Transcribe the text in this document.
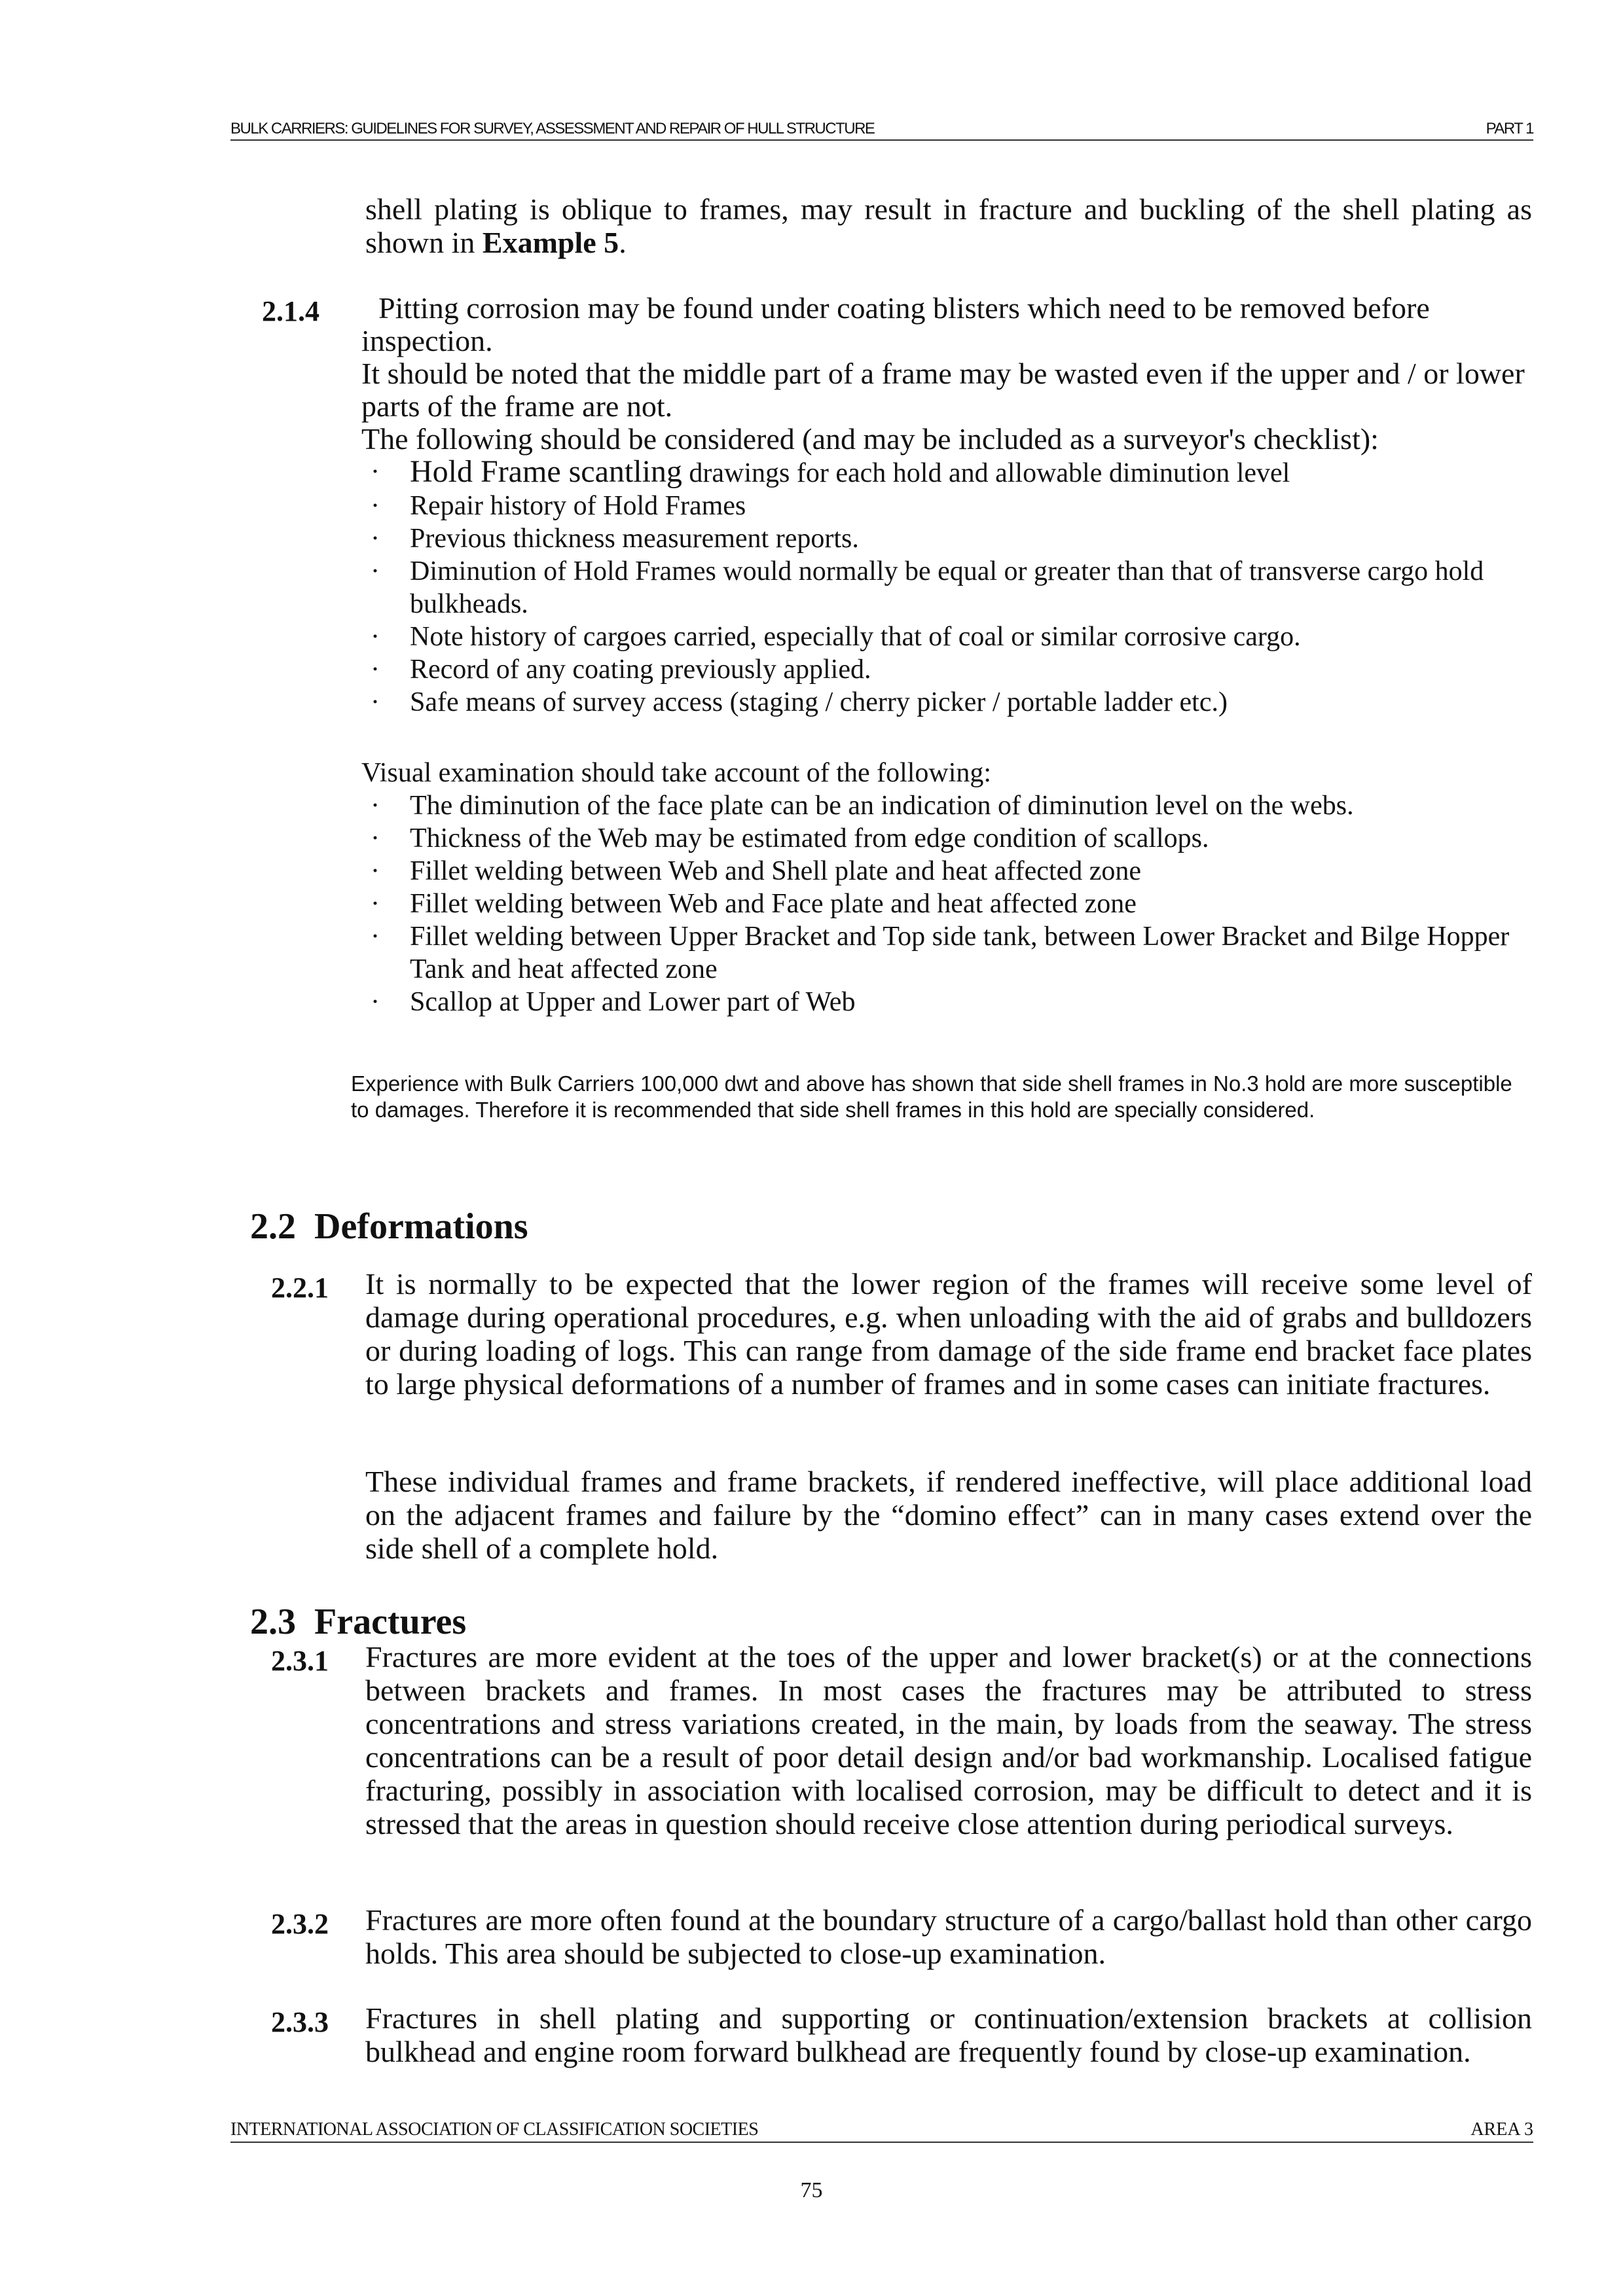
BULK CARRIERS: GUIDELINES FOR SURVEY, ASSESSMENT AND REPAIR OF HULL STRUCTURE	PART 1
shell plating is oblique to frames, may result in fracture and buckling of the shell plating as shown in Example 5.
2.1.4	Pitting corrosion may be found under coating blisters which need to be removed before inspection.
It should be noted that the middle part of a frame may be wasted even if the upper and / or lower parts of the frame are not.
The following should be considered (and may be included as a surveyor's checklist):
· Hold Frame scantling drawings for each hold and allowable diminution level
· Repair history of Hold Frames
· Previous thickness measurement reports.
· Diminution of Hold Frames would normally be equal or greater than that of transverse cargo hold bulkheads.
· Note history of cargoes carried, especially that of coal or similar corrosive cargo.
· Record of any coating previously applied.
· Safe means of survey access (staging / cherry picker / portable ladder etc.)
Visual examination should take account of the following:
· The diminution of the face plate can be an indication of diminution level on the webs.
· Thickness of the Web may be estimated from edge condition of scallops.
· Fillet welding between Web and Shell plate and heat affected zone
· Fillet welding between Web and Face plate and heat affected zone
· Fillet welding between Upper Bracket and Top side tank, between Lower Bracket and Bilge Hopper Tank and heat affected zone
· Scallop at Upper and Lower part of Web
Experience with Bulk Carriers 100,000 dwt and above has shown that side shell frames in No.3 hold are more susceptible to damages. Therefore it is recommended that side shell frames in this hold are specially considered.
2.2 Deformations
2.2.1 It is normally to be expected that the lower region of the frames will receive some level of damage during operational procedures, e.g. when unloading with the aid of grabs and bulldozers or during loading of logs. This can range from damage of the side frame end bracket face plates to large physical deformations of a number of frames and in some cases can initiate fractures.
These individual frames and frame brackets, if rendered ineffective, will place additional load on the adjacent frames and failure by the “domino effect” can in many cases extend over the side shell of a complete hold.
2.3 Fractures
2.3.1 Fractures are more evident at the toes of the upper and lower bracket(s) or at the connections between brackets and frames. In most cases the fractures may be attributed to stress concentrations and stress variations created, in the main, by loads from the seaway. The stress concentrations can be a result of poor detail design and/or bad workmanship. Localised fatigue fracturing, possibly in association with localised corrosion, may be difficult to detect and it is stressed that the areas in question should receive close attention during periodical surveys.
2.3.2 Fractures are more often found at the boundary structure of a cargo/ballast hold than other cargo holds. This area should be subjected to close-up examination.
2.3.3 Fractures in shell plating and supporting or continuation/extension brackets at collision bulkhead and engine room forward bulkhead are frequently found by close-up examination.
INTERNATIONAL ASSOCIATION OF CLASSIFICATION SOCIETIES	AREA 3
75
